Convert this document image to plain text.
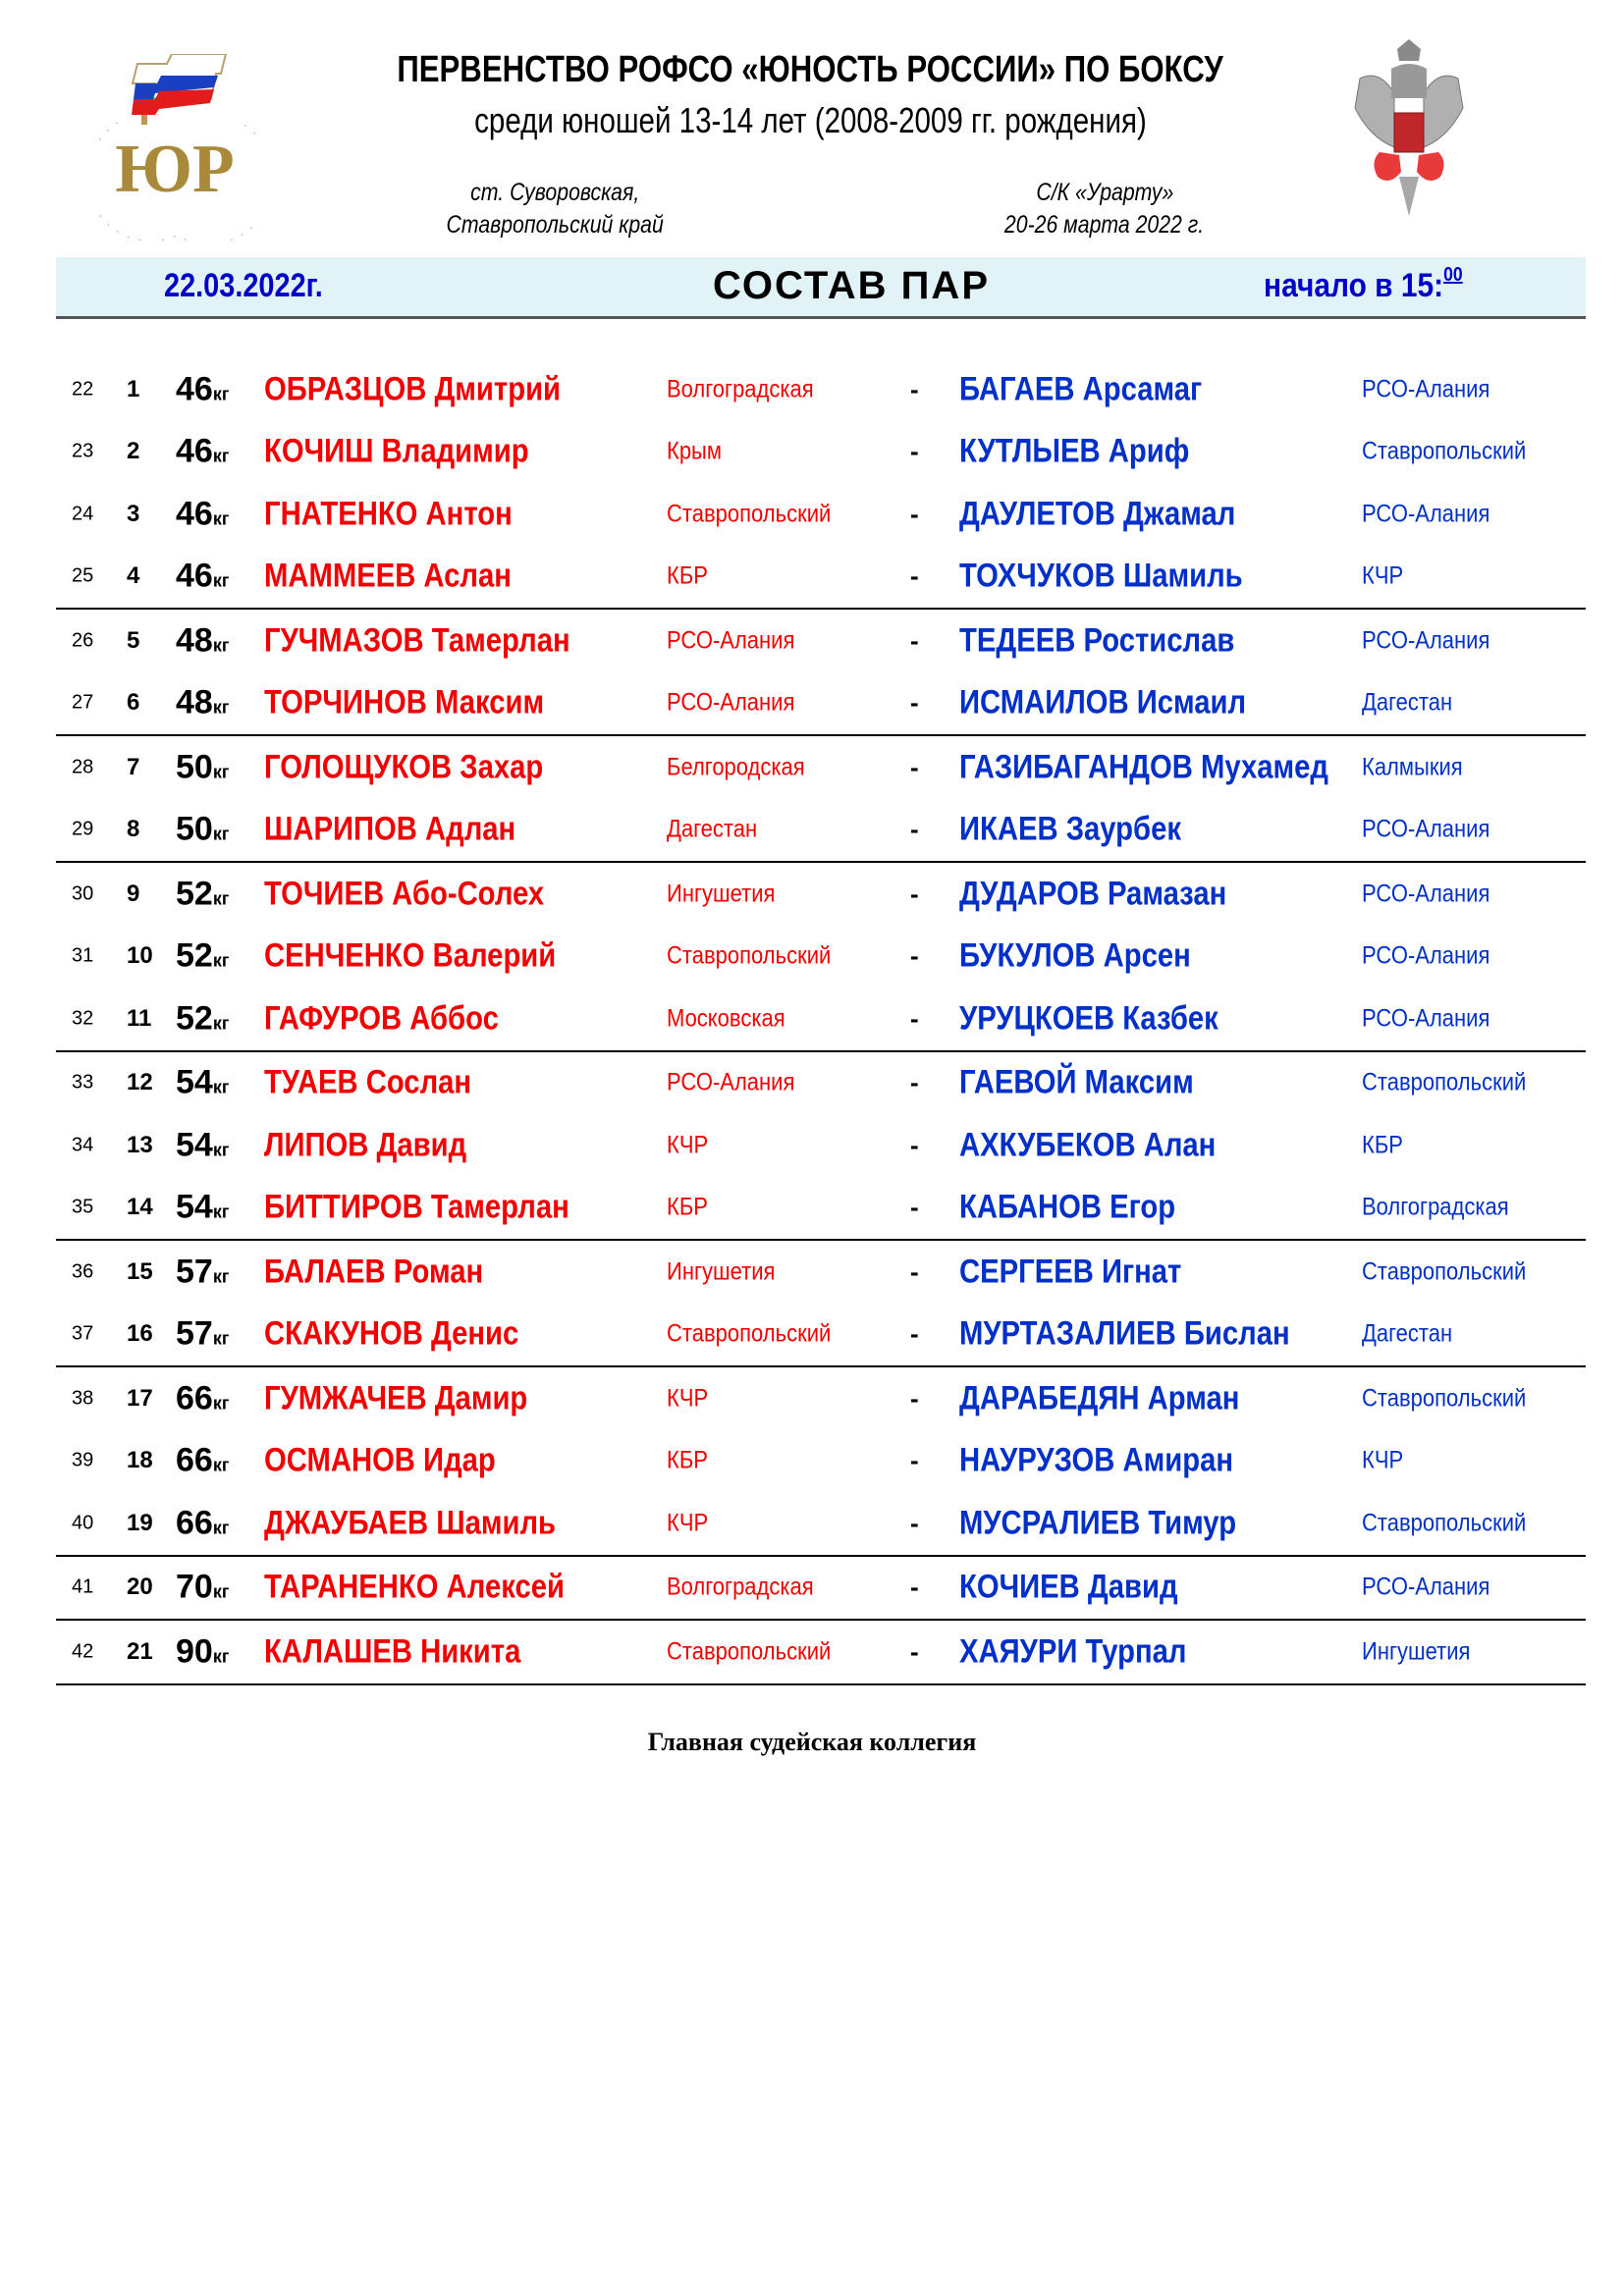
ЮР
ПЕРВЕНСТВО РОФСО «ЮНОСТЬ РОССИИ» ПО БОКСУ
среди юношей 13-14 лет (2008-2009 гг. рождения)
ст. Суворовская,
Ставропольский край
С/К «Урарту»
20-26 марта 2022 г.
22.03.2022г.	СОСТАВ ПАР	начало в 15:$^{00}$
22 1 46кг ОБРАЗЦОВ Дмитрий	Волгоградская	- БАГАЕВ Арсамаг	РСО-Алания
23 2 46кг КОЧИШ Владимир	Крым	- КУТЛЫЕВ Ариф	Ставропольский
24 3 46кг ГНАТЕНКО Антон	Ставропольский	- ДАУЛЕТОВ Джамал	РСО-Алания
25 4 46кг МАММЕЕВ Аслан	КБР	- ТОХЧУКОВ Шамиль	КЧР
26 5 48кг ГУЧМАЗОВ Тамерлан	РСО-Алания	- ТЕДЕЕВ Ростислав	РСО-Алания
27 6 48кг ТОРЧИНОВ Максим	РСО-Алания	- ИСМАИЛОВ Исмаил	Дагестан
28 7 50кг ГОЛОЩУКОВ Захар	Белгородская	- ГАЗИБАГАНДОВ Мухамед	Калмыкия
29 8 50кг ШАРИПОВ Адлан	Дагестан	- ИКАЕВ Заурбек	РСО-Алания
30 9 52кг ТОЧИЕВ Або-Солех	Ингушетия	- ДУДАРОВ Рамазан	РСО-Алания
31 10 52кг СЕНЧЕНКО Валерий	Ставропольский	- БУКУЛОВ Арсен	РСО-Алания
32 11 52кг ГАФУРОВ Аббос	Московская	- УРУЦКОЕВ Казбек	РСО-Алания
33 12 54кг ТУАЕВ Сослан	РСО-Алания	- ГАЕВОЙ Максим	Ставропольский
34 13 54кг ЛИПОВ Давид	КЧР	- АХКУБЕКОВ Алан	КБР
35 14 54кг БИТТИРОВ Тамерлан	КБР	- КАБАНОВ Егор	Волгоградская
36 15 57кг БАЛАЕВ Роман	Ингушетия	- СЕРГЕЕВ Игнат	Ставропольский
37 16 57кг СКАКУНОВ Денис	Ставропольский	- МУРТАЗАЛИЕВ Бислан	Дагестан
38 17 66кг ГУМЖАЧЕВ Дамир	КЧР	- ДАРАБЕДЯН Арман	Ставропольский
39 18 66кг ОСМАНОВ Идар	КБР	- НАУРУЗОВ Амиран	КЧР
40 19 66кг ДЖАУБАЕВ Шамиль	КЧР	- МУСРАЛИЕВ Тимур	Ставропольский
41 20 70кг ТАРАНЕНКО Алексей	Волгоградская	- КОЧИЕВ Давид	РСО-Алания
42 21 90кг КАЛАШЕВ Никита	Ставропольский	- ХАЯУРИ Турпал	Ингушетия
Главная судейская коллегия
